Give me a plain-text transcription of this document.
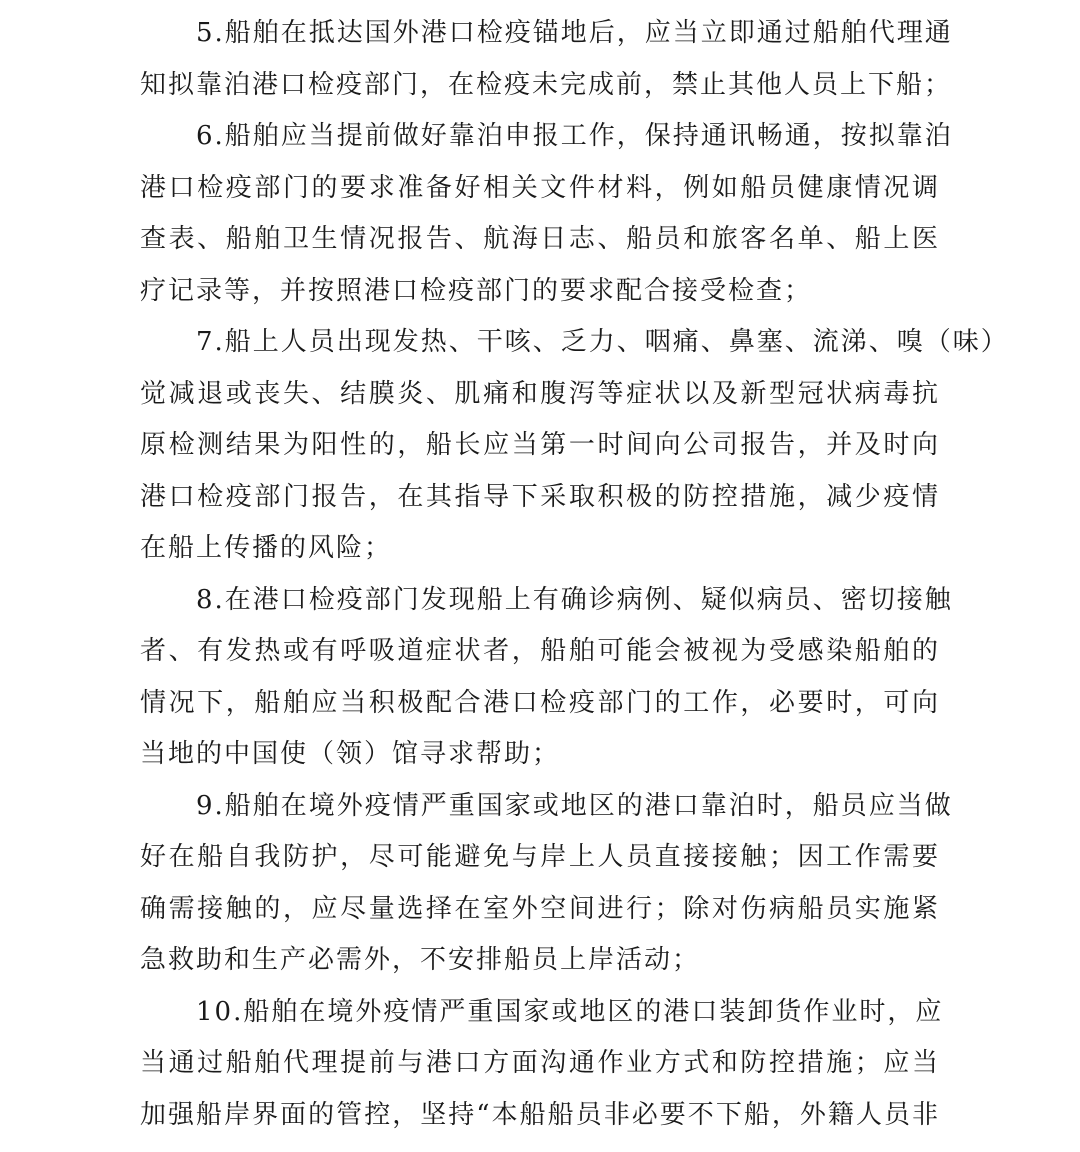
5.船舶在抵达国外港口检疫锚地后，应当立即通过船舶代理通
知拟靠泊港口检疫部门，在检疫未完成前，禁止其他人员上下船；
6.船舶应当提前做好靠泊申报工作，保持通讯畅通，按拟靠泊
港口检疫部门的要求准备好相关文件材料，例如船员健康情况调
查表、船舶卫生情况报告、航海日志、船员和旅客名单、船上医
疗记录等，并按照港口检疫部门的要求配合接受检查；
7.船上人员出现发热、干咳、乏力、咽痛、鼻塞、流涕、嗅（味）
觉减退或丧失、结膜炎、肌痛和腹泻等症状以及新型冠状病毒抗
原检测结果为阳性的，船长应当第一时间向公司报告，并及时向
港口检疫部门报告，在其指导下采取积极的防控措施，减少疫情
在船上传播的风险；
8.在港口检疫部门发现船上有确诊病例、疑似病员、密切接触
者、有发热或有呼吸道症状者，船舶可能会被视为受感染船舶的
情况下，船舶应当积极配合港口检疫部门的工作，必要时，可向
当地的中国使（领）馆寻求帮助；
9.船舶在境外疫情严重国家或地区的港口靠泊时，船员应当做
好在船自我防护，尽可能避免与岸上人员直接接触；因工作需要
确需接触的，应尽量选择在室外空间进行；除对伤病船员实施紧
急救助和生产必需外，不安排船员上岸活动；
10.船舶在境外疫情严重国家或地区的港口装卸货作业时，应
当通过船舶代理提前与港口方面沟通作业方式和防控措施；应当
加强船岸界面的管控，坚持“本船船员非必要不下船，外籍人员非
